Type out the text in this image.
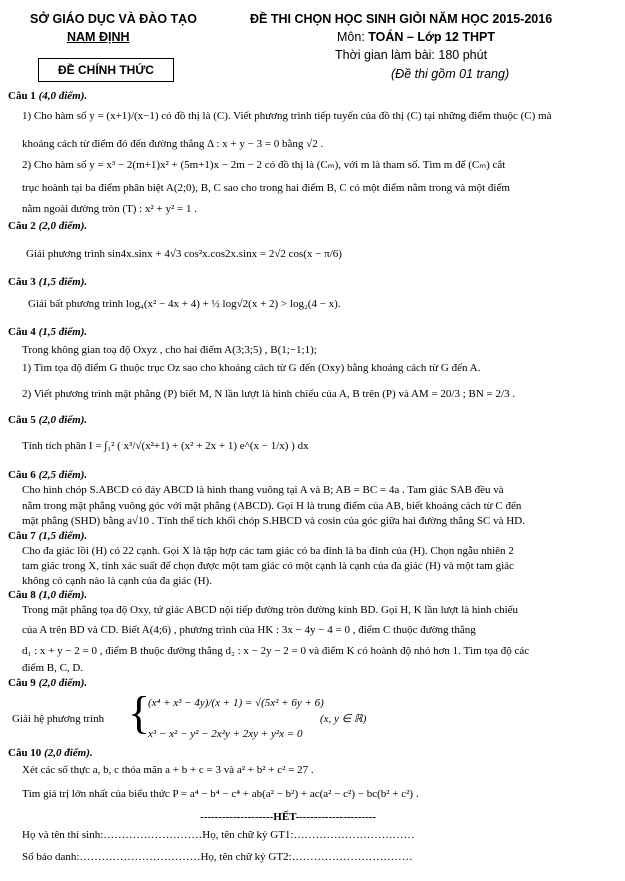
SỞ GIÁO DỤC VÀ ĐÀO TẠO
NAM ĐỊNH
ĐỀ CHÍNH THỨC
ĐỀ THI CHỌN HỌC SINH GIỎI NĂM HỌC 2015-2016
Môn: TOÁN – Lớp 12 THPT
Thời gian làm bài: 180 phút
(Đề thi gồm 01 trang)
Câu 1 (4,0 điểm).
1) Cho hàm số y = (x+1)/(x−1) có đồ thị là (C). Viết phương trình tiếp tuyến của đồ thị (C) tại những điểm thuộc (C) mà
khoảng cách từ điểm đó đến đường thẳng Δ : x + y − 3 = 0 bằng √2 .
2) Cho hàm số y = x³ − 2(m+1)x² + (5m+1)x − 2m − 2 có đồ thị là (Cₘ), với m là tham số. Tìm m để (Cₘ) cắt
trục hoành tại ba điểm phân biệt A(2;0), B, C sao cho trong hai điểm B, C có một điểm nằm trong và một điểm
nằm ngoài đường tròn (T) : x² + y² = 1 .
Câu 2 (2,0 điểm).
Giải phương trình sin4x.sinx + 4√3 cos²x.cos2x.sinx = 2√2 cos(x − π/6)
Câu 3 (1,5 điểm).
Giải bất phương trình log₄(x² − 4x + 4) + ½ log√2(x + 2) > log₂(4 − x).
Câu 4 (1,5 điểm).
Trong không gian toạ độ Oxyz , cho hai điểm A(3;3;5) , B(1;−1;1);
1) Tìm tọa độ điểm G thuộc trục Oz sao cho khoảng cách từ G đến (Oxy) bằng khoảng cách từ G đến A.
2) Viết phương trình mặt phẳng (P) biết M, N lần lượt là hình chiếu của A, B trên (P) và AM = 20/3 ; BN = 2/3 .
Câu 5 (2,0 điểm).
Tính tích phân I = ∫₁² ( x³/√(x²+1) + (x² + 2x + 1) e^(x − 1/x) ) dx
Câu 6 (2,5 điểm).
Cho hình chóp S.ABCD có đáy ABCD là hình thang vuông tại A và B; AB = BC = 4a . Tam giác SAB đều và
nằm trong mặt phẳng vuông góc với mặt phẳng (ABCD). Gọi H là trung điểm của AB, biết khoảng cách từ C đến
mặt phẳng (SHD) bằng a√10 . Tính thể tích khối chóp S.HBCD và cosin của góc giữa hai đường thẳng SC và HD.
Câu 7 (1,5 điểm).
Cho đa giác lồi (H) có 22 cạnh. Gọi X là tập hợp các tam giác có ba đỉnh là ba đỉnh của (H). Chọn ngẫu nhiên 2
tam giác trong X, tính xác suất để chọn được một tam giác có một cạnh là cạnh của đa giác (H) và một tam giác
không có cạnh nào là cạnh của đa giác (H).
Câu 8 (1,0 điểm).
Trong mặt phẳng tọa độ Oxy, tứ giác ABCD nội tiếp đường tròn đường kính BD. Gọi H, K lần lượt là hình chiếu
của A trên BD và CD. Biết A(4;6) , phương trình của HK : 3x − 4y − 4 = 0 , điểm C thuộc đường thẳng
d₁ : x + y − 2 = 0 , điểm B thuộc đường thẳng d₂ : x − 2y − 2 = 0 và điểm K có hoành độ nhỏ hơn 1. Tìm tọa độ các
điểm B, C, D.
Câu 9 (2,0 điểm).
Giải hệ phương trình {
(x⁴ + x³ − 4y)/(x + 1) = √(5x² + 6y + 6)
x³ − x² − y² − 2x²y + 2xy + y²x = 0
(x, y ∈ ℝ)
Câu 10 (2,0 điểm).
Xét các số thực a, b, c thỏa mãn a + b + c = 3 và a² + b² + c² = 27 .
Tìm giá trị lớn nhất của biểu thức P = a⁴ − b⁴ − c⁴ + ab(a² − b²) + ac(a² − c²) − bc(b² + c²) .
--------------------HẾT----------------------
Họ và tên thí sinh:………………………Họ, tên chữ ký GT1:……………………………
Số báo danh:……………………………Họ, tên chữ ký GT2:……………………………
